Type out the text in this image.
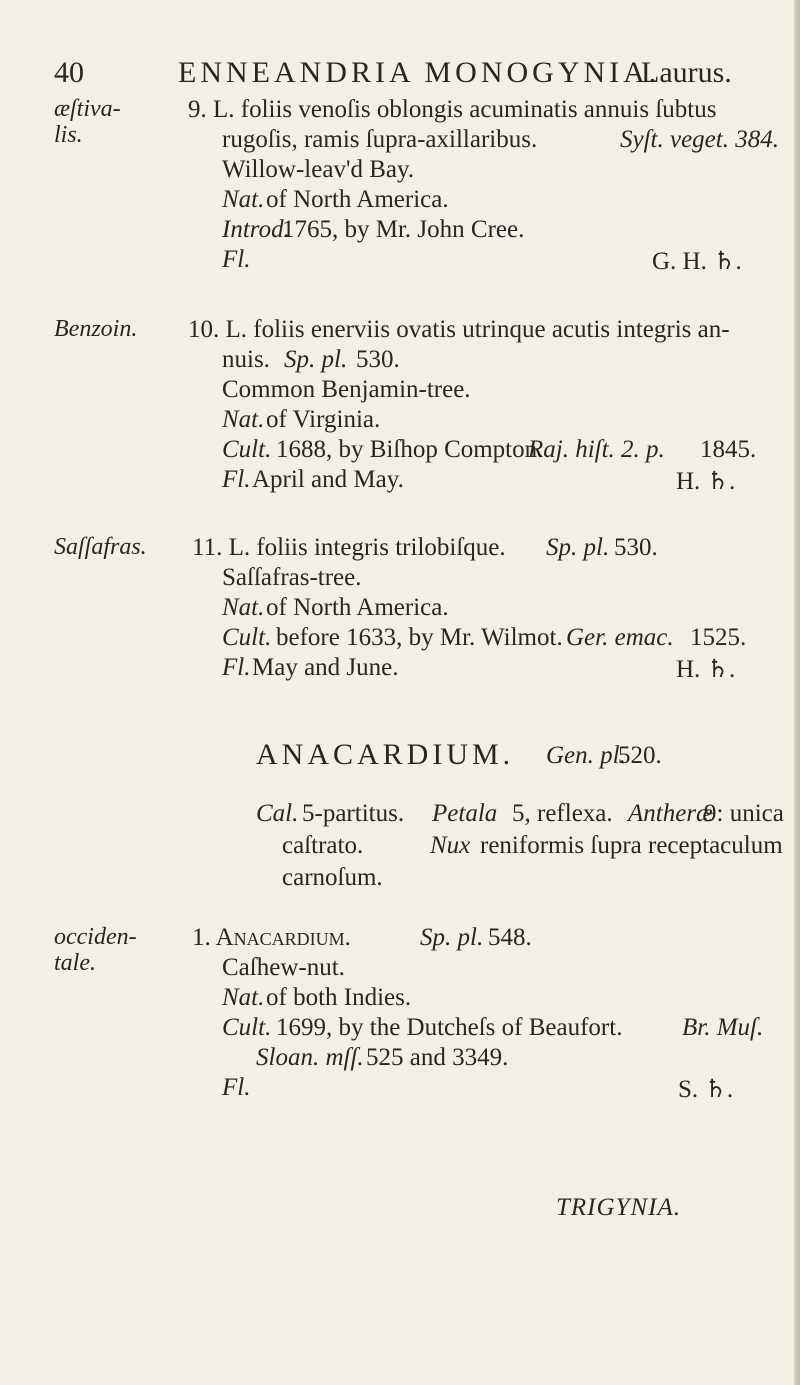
40	ENNEANDRIA MONOGYNIA.
Laurus.
æſtiva-
lis.
9. L. foliis venoſis oblongis acuminatis annuis ſubtus
rugoſis, ramis ſupra-axillaribus.	Syſt. veget. 384.
Willow-leav'd Bay.
Nat. of North America.
Introd.
1765, by Mr. John Cree.
Fl.	G. H. ♄.
Benzoin. 10. L. foliis enerviis ovatis utrinque acutis integris an-
nuis. Sp. pl. 530.
Common Benjamin-tree.
Nat. of Virginia.
Cult. 1688, by Biſhop Compton.
Raj. hiſt. 2. p. 1845.
Fl. April and May.	H. ♄.
Saſſafras. 11. L. foliis integris trilobiſque. Sp. pl. 530.
Saſſafras-tree.
Nat. of North America.
Cult. before 1633, by Mr. Wilmot. Ger. emac. 1525.
Fl. May and June.	H. ♄.
ANACARDIUM. Gen. pl.
520.
Cal. 5-partitus. Petala 5, reflexa. Antheræ
9: unica
caſtrato.	Nux reniformis ſupra receptaculum
carnoſum.
occiden-
tale.
1. Anacardium.	Sp. pl. 548.
Caſhew-nut.
Nat. of both Indies.
Cult. 1699, by the Dutcheſs of Beaufort. Br. Muſ.
Sloan. mſſ. 525 and 3349.
Fl.	S. ♄.
TRIGYNIA.
